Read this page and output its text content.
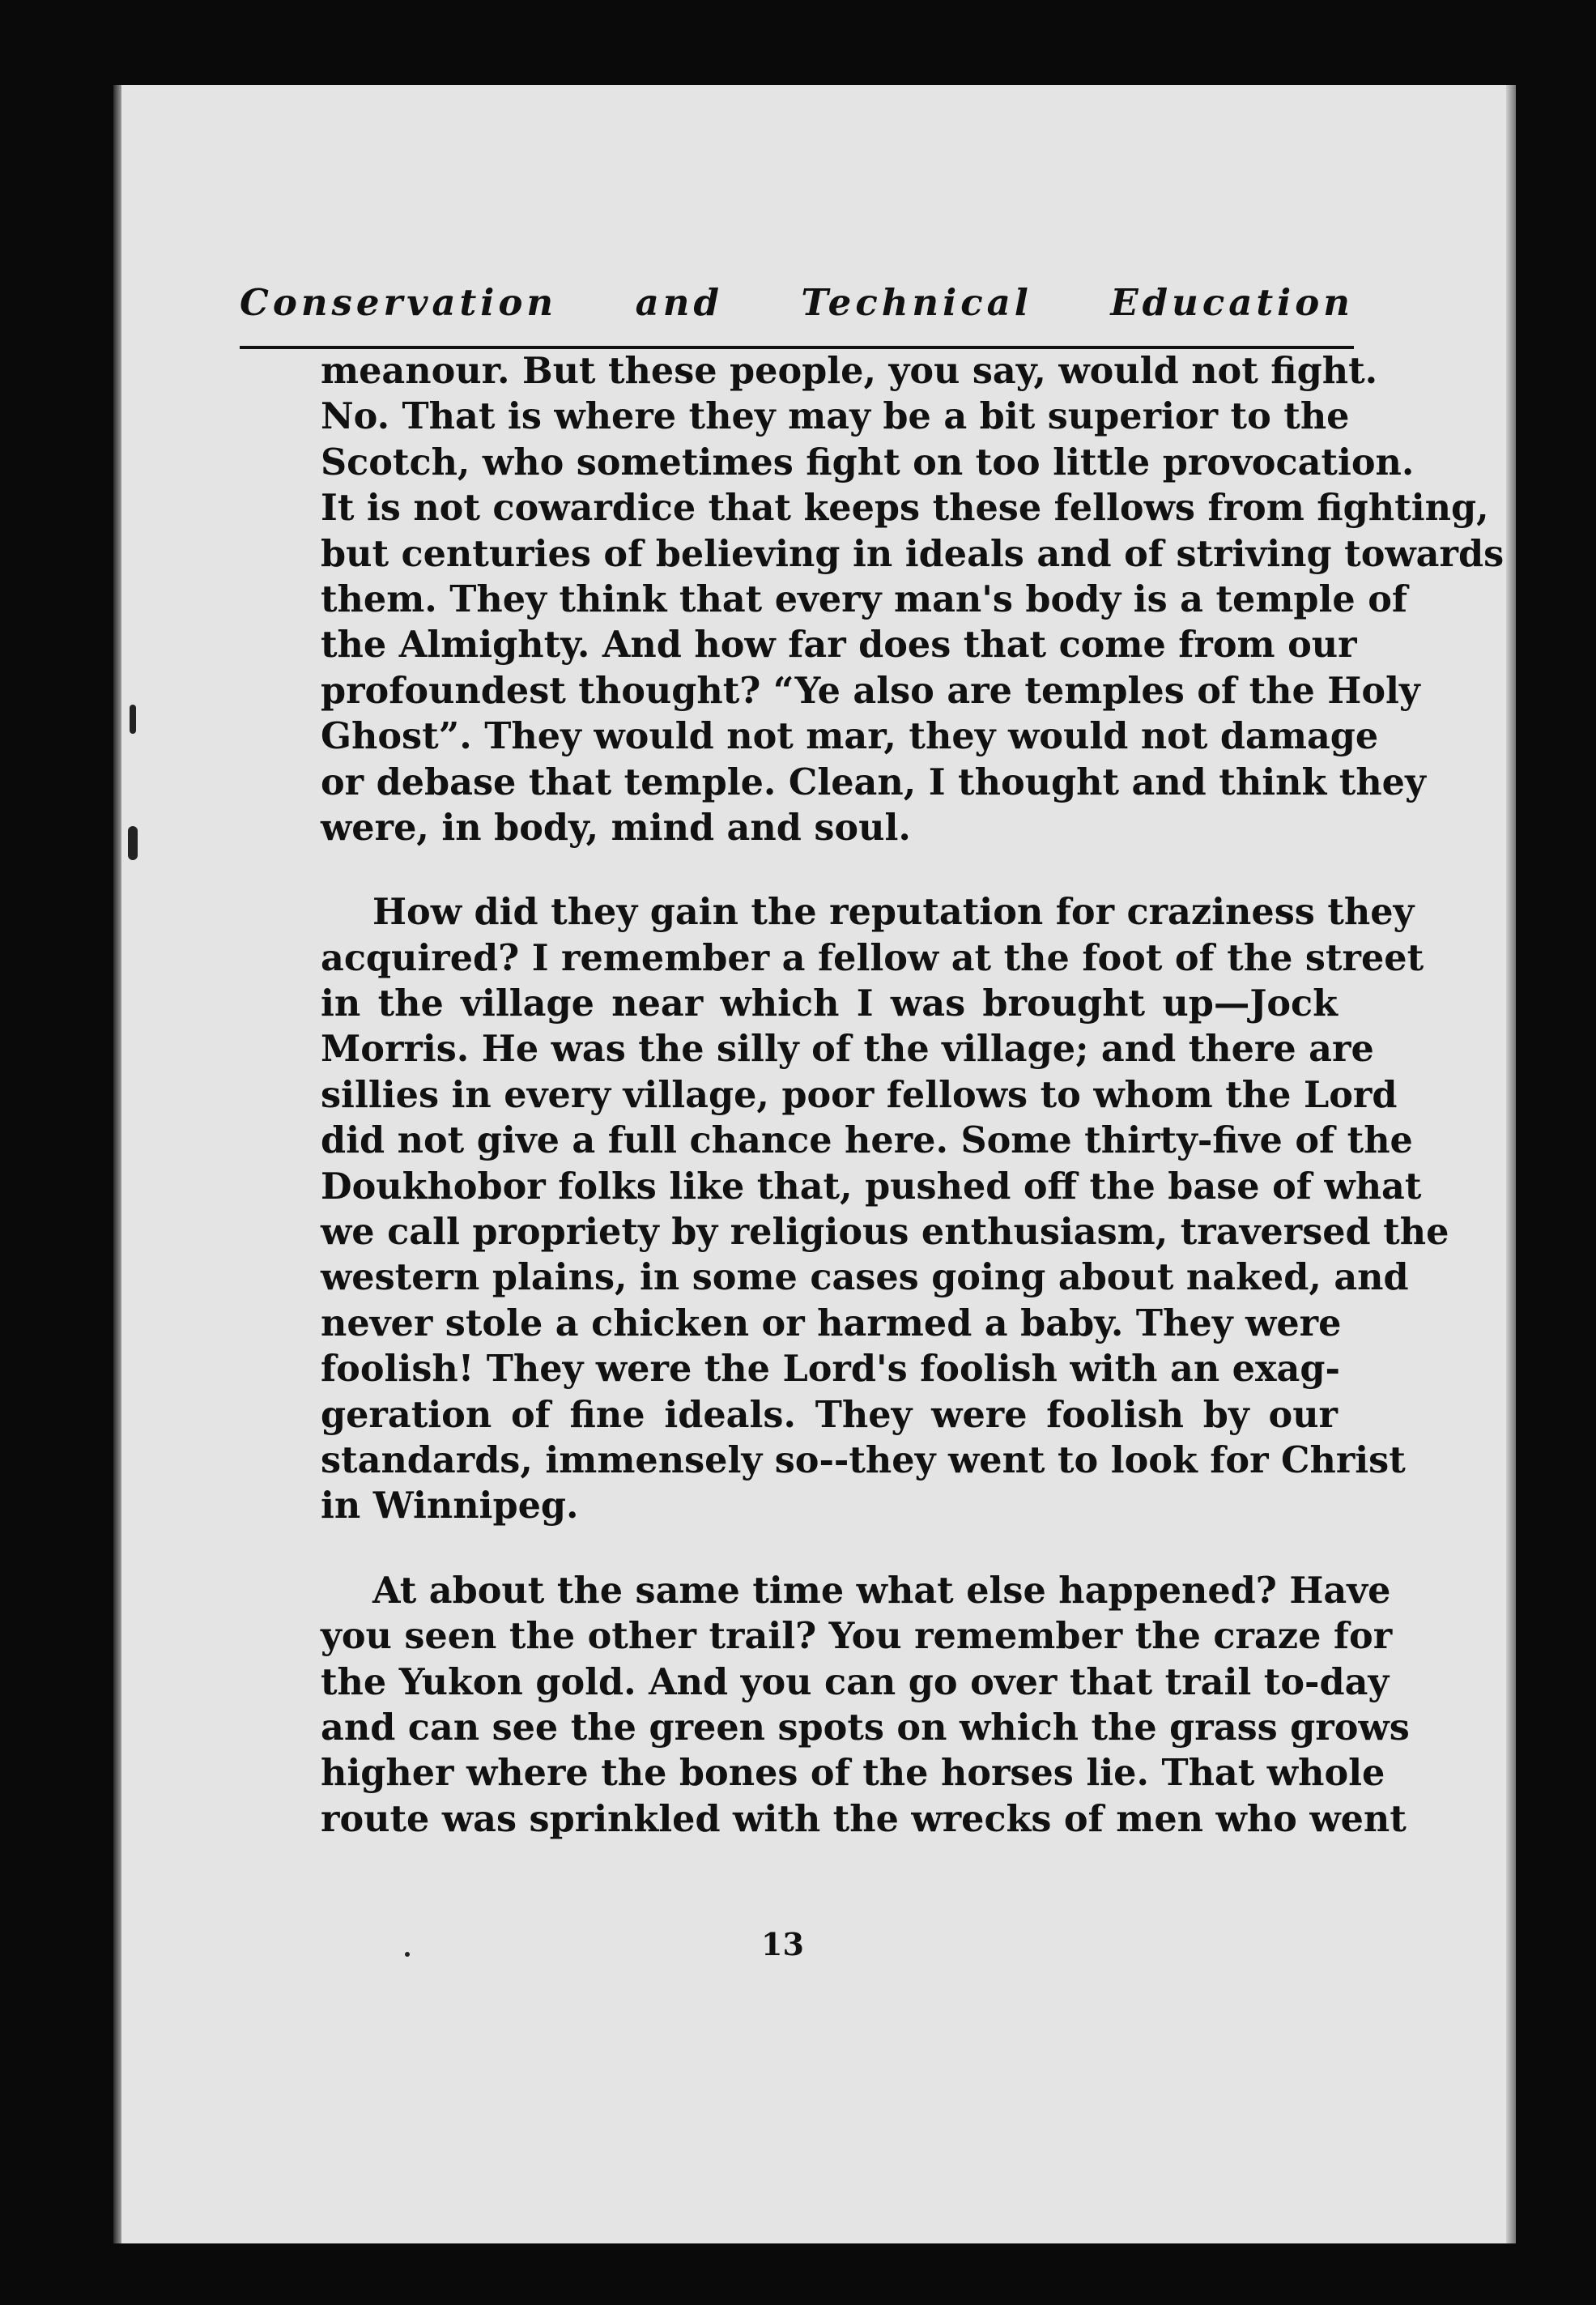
Conservation and Technical Education
meanour. But these people, you say, would not fight.
No. That is where they may be a bit superior to the
Scotch, who sometimes fight on too little provocation.
It is not cowardice that keeps these fellows from fighting,
but centuries of believing in ideals and of striving towards
them. They think that every man's body is a temple of
the Almighty. And how far does that come from our
profoundest thought? “Ye also are temples of the Holy
Ghost”. They would not mar, they would not damage
or debase that temple. Clean, I thought and think they
were, in body, mind and soul.
How did they gain the reputation for craziness they
acquired? I remember a fellow at the foot of the street
in the village near which I was brought up—Jock
Morris. He was the silly of the village; and there are
sillies in every village, poor fellows to whom the Lord
did not give a full chance here. Some thirty-five of the
Doukhobor folks like that, pushed off the base of what
we call propriety by religious enthusiasm, traversed the
western plains, in some cases going about naked, and
never stole a chicken or harmed a baby. They were
foolish! They were the Lord's foolish with an exag-
geration of fine ideals. They were foolish by our
standards, immensely so--they went to look for Christ
in Winnipeg.
At about the same time what else happened? Have
you seen the other trail? You remember the craze for
the Yukon gold. And you can go over that trail to-day
and can see the green spots on which the grass grows
higher where the bones of the horses lie. That whole
route was sprinkled with the wrecks of men who went
13
